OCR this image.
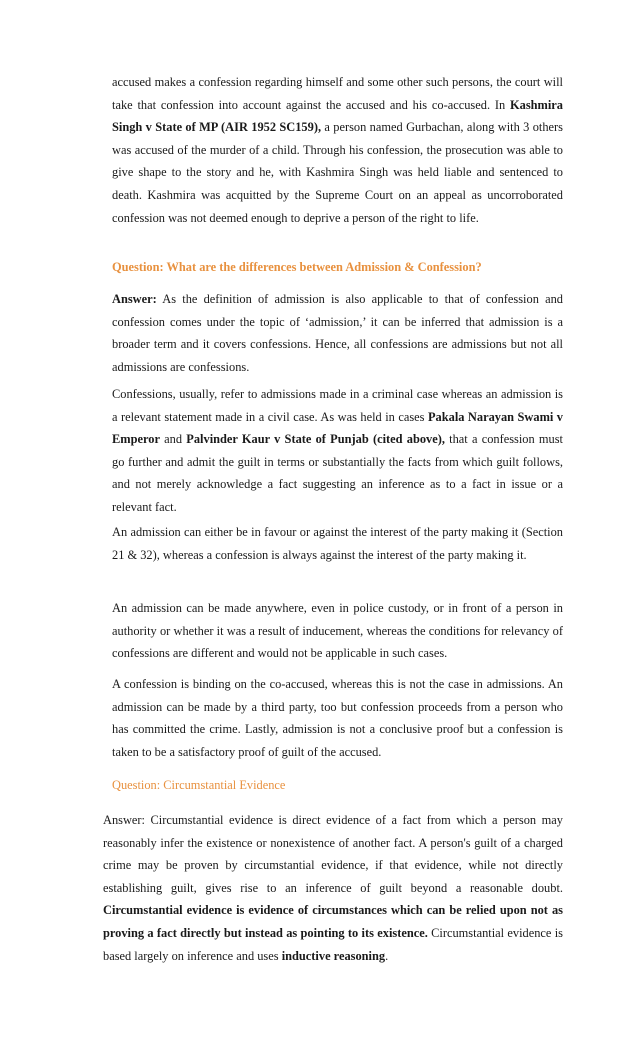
accused makes a confession regarding himself and some other such persons, the court will take that confession into account against the accused and his co-accused. In Kashmira Singh v State of MP (AIR 1952 SC159), a person named Gurbachan, along with 3 others was accused of the murder of a child. Through his confession, the prosecution was able to give shape to the story and he, with Kashmira Singh was held liable and sentenced to death. Kashmira was acquitted by the Supreme Court on an appeal as uncorroborated confession was not deemed enough to deprive a person of the right to life.

Question: What are the differences between Admission & Confession?

Answer: As the definition of admission is also applicable to that of confession and confession comes under the topic of ‘admission,’ it can be inferred that admission is a broader term and it covers confessions. Hence, all confessions are admissions but not all admissions are confessions.

Confessions, usually, refer to admissions made in a criminal case whereas an admission is a relevant statement made in a civil case. As was held in cases Pakala Narayan Swami v Emperor and Palvinder Kaur v State of Punjab (cited above), that a confession must go further and admit the guilt in terms or substantially the facts from which guilt follows, and not merely acknowledge a fact suggesting an inference as to a fact in issue or a relevant fact.

An admission can either be in favour or against the interest of the party making it (Section 21 & 32), whereas a confession is always against the interest of the party making it.

An admission can be made anywhere, even in police custody, or in front of a person in authority or whether it was a result of inducement, whereas the conditions for relevancy of confessions are different and would not be applicable in such cases.

A confession is binding on the co-accused, whereas this is not the case in admissions. An admission can be made by a third party, too but confession proceeds from a person who has committed the crime. Lastly, admission is not a conclusive proof but a confession is taken to be a satisfactory proof of guilt of the accused.

Question: Circumstantial Evidence

Answer: Circumstantial evidence is direct evidence of a fact from which a person may reasonably infer the existence or nonexistence of another fact. A person's guilt of a charged crime may be proven by circumstantial evidence, if that evidence, while not directly establishing guilt, gives rise to an inference of guilt beyond a reasonable doubt. Circumstantial evidence is evidence of circumstances which can be relied upon not as proving a fact directly but instead as pointing to its existence. Circumstantial evidence is based largely on inference and uses inductive reasoning.
